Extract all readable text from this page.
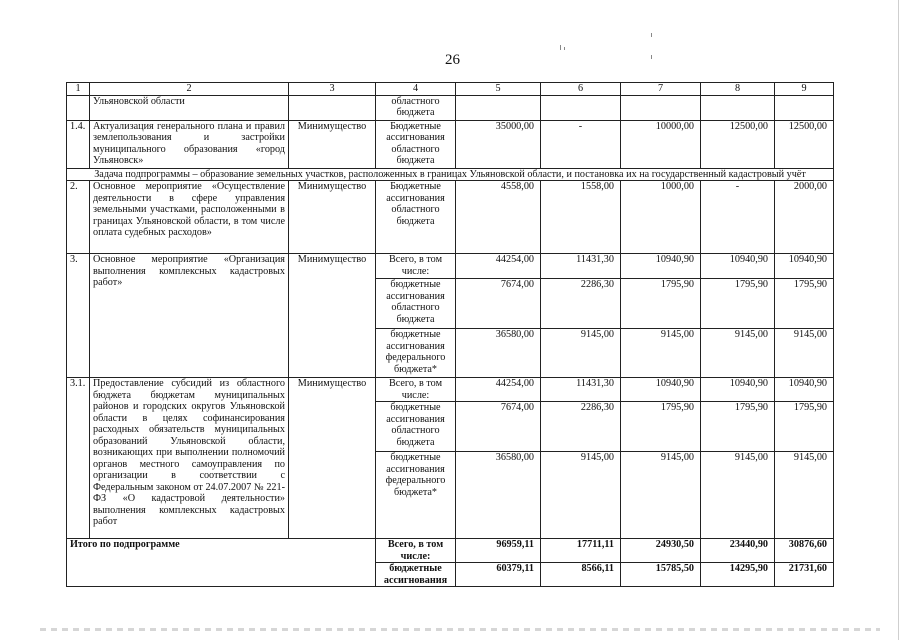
26
1	2	3	4	5	6	7	8	9
	Ульяновской области		областного бюджета					
1.4.	Актуализация генерального плана и правил землепользования и застройки муниципального образования «город Ульяновск»	Минимущество	Бюджетные ассигнования областного бюджета	35000,00	-	10000,00	12500,00	12500,00
Задача подпрограммы – образование земельных участков, расположенных в границах Ульяновской области, и постановка их на государственный кадастровый учёт								
2.	Основное мероприятие «Осуществление деятельности в сфере управления земельными участками, расположенными в границах Ульяновской области, в том числе оплата судебных расходов»	Минимущество	Бюджетные ассигнования областного бюджета	4558,00	1558,00	1000,00	-	2000,00
3.	Основное мероприятие «Организация выполнения комплексных кадастровых работ»	Минимущество	Всего, в том числе:	44254,00	11431,30	10940,90	10940,90	10940,90
			бюджетные ассигнования областного бюджета	7674,00	2286,30	1795,90	1795,90	1795,90
			бюджетные ассигнования федерального бюджета*	36580,00	9145,00	9145,00	9145,00	9145,00
3.1.	Предоставление субсидий из областного бюджета бюджетам муниципальных районов и городских округов Ульяновской области в целях софинансирования расходных обязательств муниципальных образований Ульяновской области, возникающих при выполнении полномочий органов местного самоуправления по организации в соответствии с Федеральным законом от 24.07.2007 № 221-ФЗ «О кадастровой деятельности» выполнения комплексных кадастровых работ	Минимущество	Всего, в том числе:	44254,00	11431,30	10940,90	10940,90	10940,90
			бюджетные ассигнования областного бюджета	7674,00	2286,30	1795,90	1795,90	1795,90
			бюджетные ассигнования федерального бюджета*	36580,00	9145,00	9145,00	9145,00	9145,00
Итого по подпрограмме			Всего, в том числе:	96959,11	17711,11	24930,50	23440,90	30876,60
			бюджетные ассигнования	60379,11	8566,11	15785,50	14295,90	21731,60
